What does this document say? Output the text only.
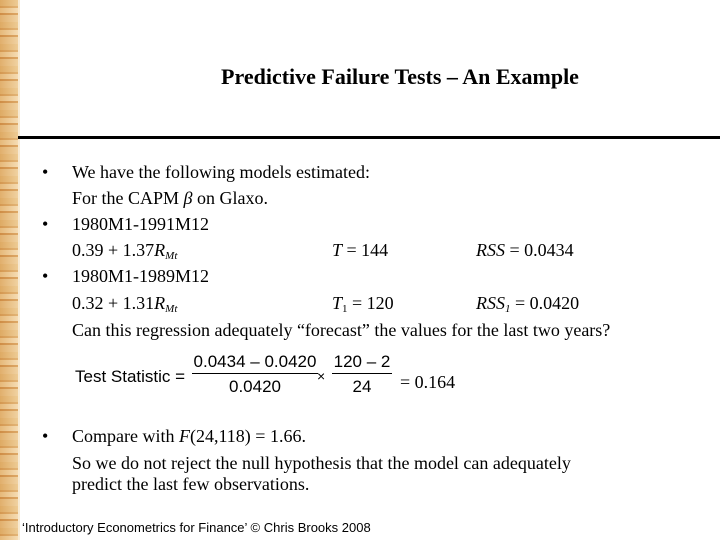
Predictive Failure Tests – An Example
• We have the following models estimated:
For the CAPM β on Glaxo.
• 1980M1-1991M12
$0.39 + 1.37R_{Mt}$	T = 144	RSS = 0.0434
• 1980M1-1989M12
$0.32 + 1.31R_{Mt}$	$T_1 = 120$	$RSS_1 = 0.0420$
Can this regression adequately “forecast” the values for the last two years?
Test Statistic = $\frac{0.0434 - 0.0420}{0.0420} \times \frac{120 - 2}{24} = 0.164$
• Compare with F(24,118) = 1.66.
So we do not reject the null hypothesis that the model can adequately
predict the last few observations.
‘Introductory Econometrics for Finance’ © Chris Brooks 2008
